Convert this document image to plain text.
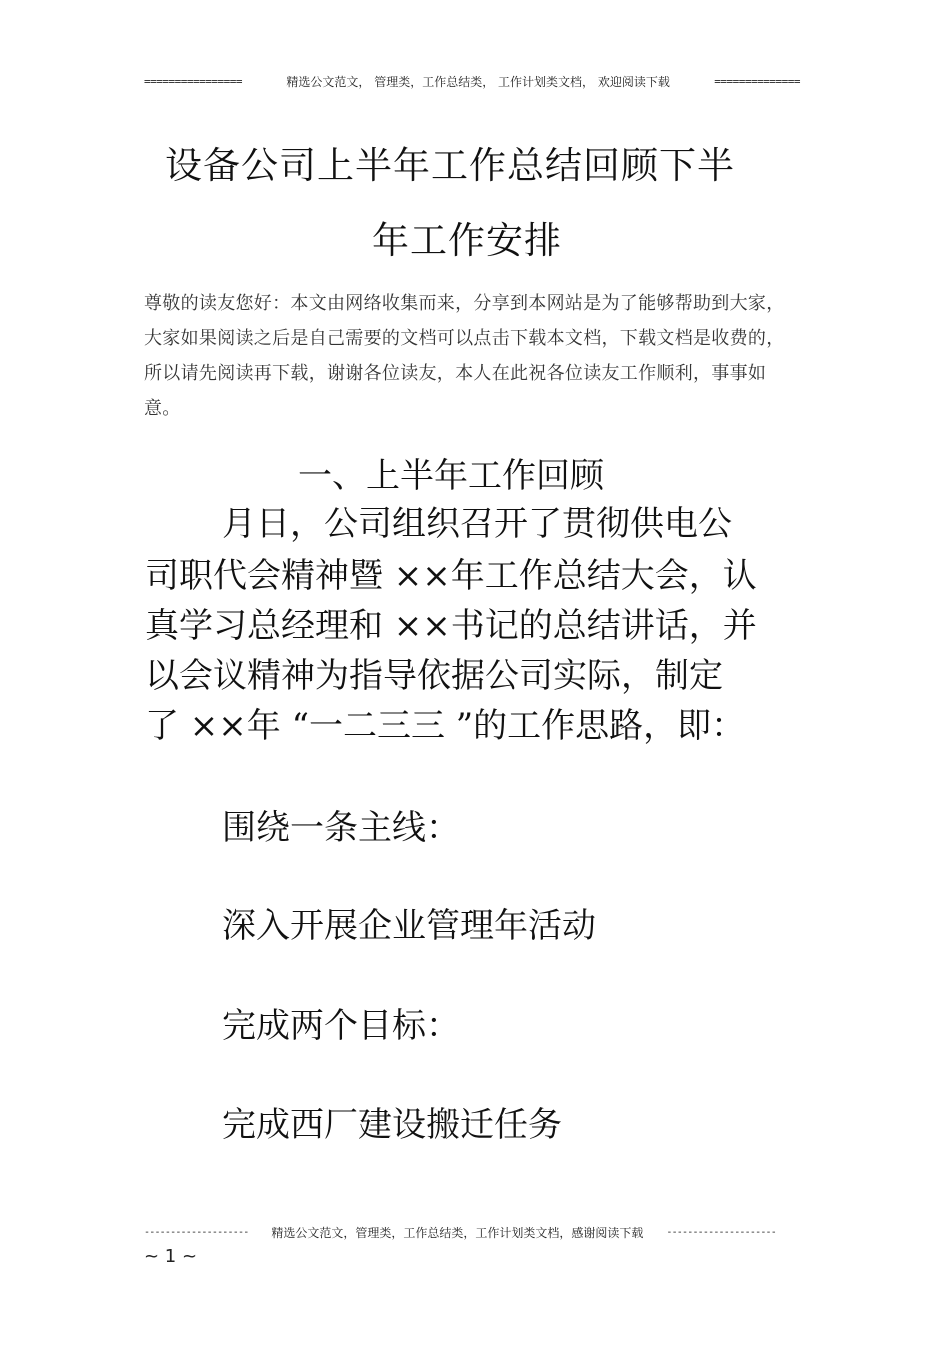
================	精选公文范文， 管理类，工作总结类， 工作计划类文档， 欢迎阅读下载	==============
设备公司上半年工作总结回顾下半
年工作安排
尊敬的读友您好：本文由网络收集而来，分享到本网站是为了能够帮助到大家，大家如果阅读之后是自己需要的文档可以点击下载本文档，下载文档是收费的，所以请先阅读再下载，谢谢各位读友，本人在此祝各位读友工作顺利，事事如意。
一、上半年工作回顾
月日，公司组织召开了贯彻供电公
司职代会精神暨 ××年工作总结大会，认
真学习总经理和 ××书记的总结讲话，并
以会议精神为指导依据公司实际，制定
了 ××年 “一二三三 ”的工作思路，即：
围绕一条主线：
深入开展企业管理年活动
完成两个目标：
完成西厂建设搬迁任务
-------------------- 精选公文范文，管理类，工作总结类，工作计划类文档，感谢阅读下载 ---------------------
~ 1 ~
